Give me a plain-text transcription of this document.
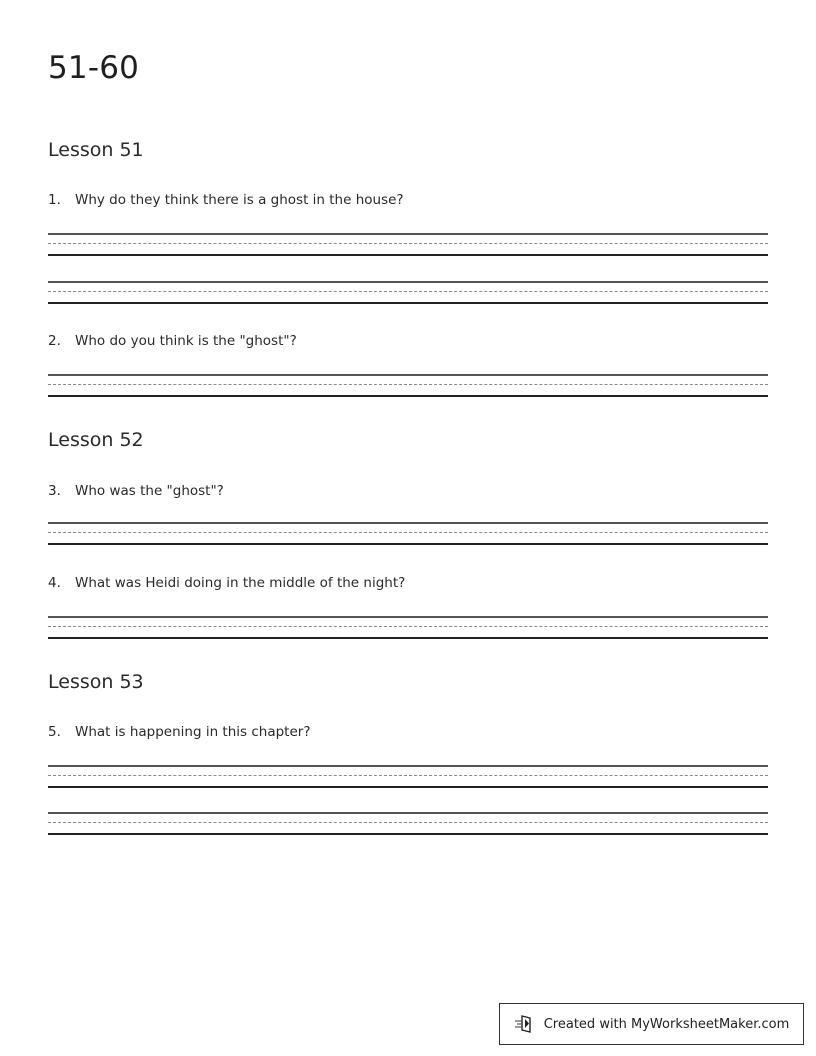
51-60
Lesson 51
1.	Why do they think there is a ghost in the house?
2.	Who do you think is the "ghost"?
Lesson 52
3.	Who was the "ghost"?
4.	What was Heidi doing in the middle of the night?
Lesson 53
5.	What is happening in this chapter?
Created with MyWorksheetMaker.com
